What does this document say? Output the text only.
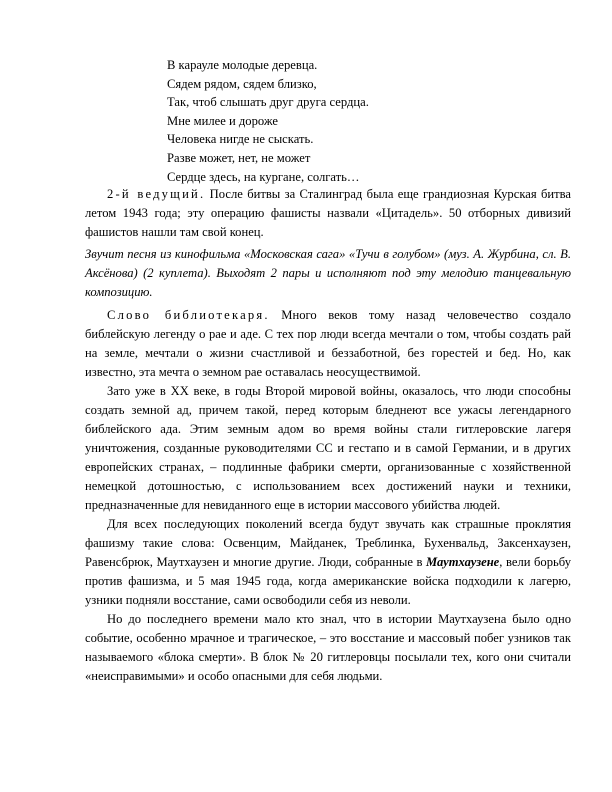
В карауле молодые деревца.
Сядем рядом, сядем близко,
Так, чтоб слышать друг друга сердца.
Мне милее и дороже
Человека нигде не сыскать.
Разве может, нет, не может
Сердце здесь, на кургане, солгать…

2-й ведущий. После битвы за Сталинград была еще грандиозная Курская битва летом 1943 года; эту операцию фашисты назвали «Цитадель». 50 отборных дивизий фашистов нашли там свой конец.

Звучит песня из кинофильма «Московская сага» «Тучи в голубом» (муз. А. Журбина, сл. В. Аксёнова) (2 куплета). Выходят 2 пары и исполняют под эту мелодию танцевальную композицию.

Слово библиотекаря. Много веков тому назад человечество создало библейскую легенду о рае и аде. С тех пор люди всегда мечтали о том, чтобы создать рай на земле, мечтали о жизни счастливой и беззаботной, без горестей и бед. Но, как известно, эта мечта о земном рае оставалась неосуществимой.

Зато уже в ХХ веке, в годы Второй мировой войны, оказалось, что люди способны создать земной ад, причем такой, перед которым бледнеют все ужасы легендарного библейского ада. Этим земным адом во время войны стали гитлеровские лагеря уничтожения, созданные руководителями СС и гестапо и в самой Германии, и в других европейских странах, – подлинные фабрики смерти, организованные с хозяйственной немецкой дотошностью, с использованием всех достижений науки и техники, предназначенные для невиданного еще в истории массового убийства людей.

Для всех последующих поколений всегда будут звучать как страшные проклятия фашизму такие слова: Освенцим, Майданек, Треблинка, Бухенвальд, Заксенхаузен, Равенсбрюк, Маутхаузен и многие другие. Люди, собранные в Маутхаузене, вели борьбу против фашизма, и 5 мая 1945 года, когда американские войска подходили к лагерю, узники подняли восстание, сами освободили себя из неволи.

Но до последнего времени мало кто знал, что в истории Маутхаузена было одно событие, особенно мрачное и трагическое, – это восстание и массовый побег узников так называемого «блока смерти». В блок № 20 гитлеровцы посылали тех, кого они считали «неисправимыми» и особо опасными для себя людьми.
